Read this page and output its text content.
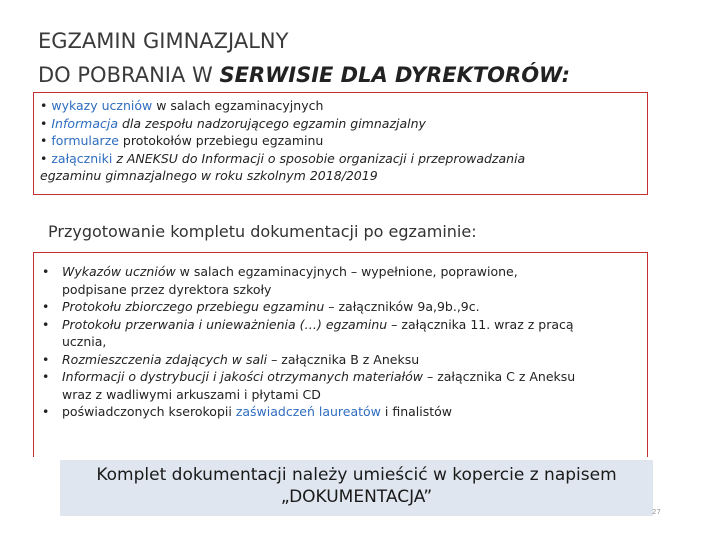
EGZAMIN GIMNAZJALNY
DO POBRANIA W SERWISIE DLA DYREKTORÓW:
• wykazy uczniów w salach egzaminacyjnych
• Informacja dla zespołu nadzorującego egzamin gimnazjalny
• formularze protokołów przebiegu egzaminu
• załączniki z ANEKSU do Informacji o sposobie organizacji i przeprowadzania
egzaminu gimnazjalnego w roku szkolnym 2018/2019
Przygotowanie kompletu dokumentacji po egzaminie:
• Wykazów uczniów w salach egzaminacyjnych – wypełnione, poprawione,
podpisane przez dyrektora szkoły
• Protokołu zbiorczego przebiegu egzaminu – załączników 9a,9b.,9c.
• Protokołu przerwania i unieważnienia (…) egzaminu – załącznika 11. wraz z pracą
ucznia,
• Rozmieszczenia zdających w sali – załącznika B z Aneksu
• Informacji o dystrybucji i jakości otrzymanych materiałów – załącznika C z Aneksu
wraz z wadliwymi arkuszami i płytami CD
• poświadczonych kserokopii zaświadczeń laureatów i finalistów
Komplet dokumentacji należy umieścić w kopercie z napisem
„DOKUMENTACJA”
27
